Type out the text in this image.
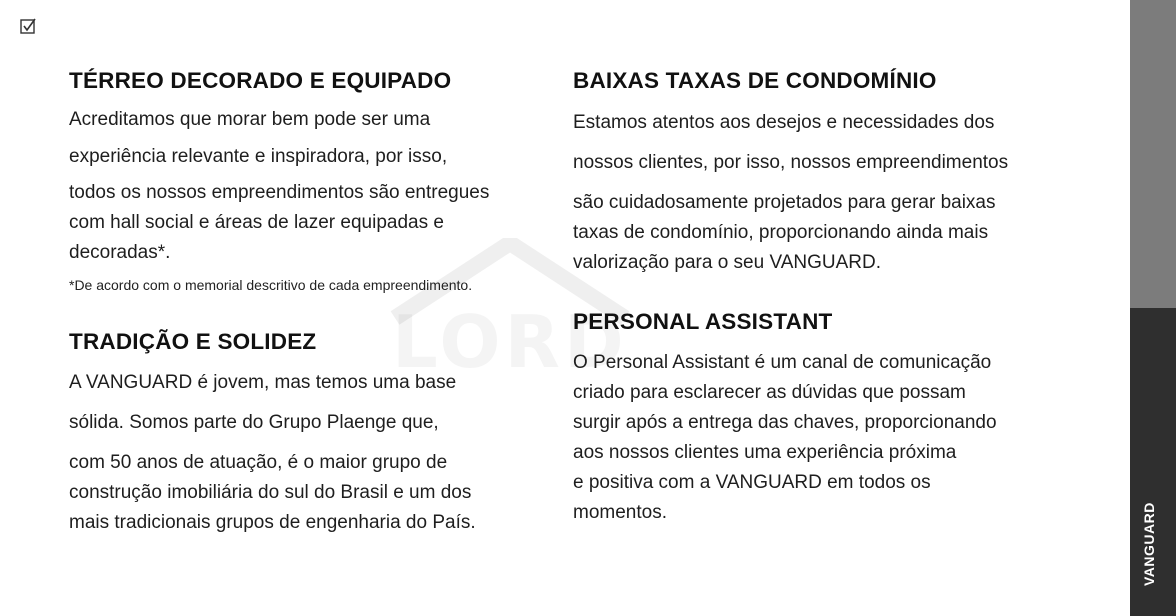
TÉRREO DECORADO E EQUIPADO

Acreditamos que morar bem pode ser uma

experiência relevante e inspiradora, por isso,

todos os nossos empreendimentos são entregues

com hall social e áreas de lazer equipadas e

decoradas*.

*De acordo com o memorial descritivo de cada empreendimento.

TRADIÇÃO E SOLIDEZ

A VANGUARD é jovem, mas temos uma base

sólida. Somos parte do Grupo Plaenge que,

com 50 anos de atuação, é o maior grupo de

construção imobiliária do sul do Brasil e um dos

mais tradicionais grupos de engenharia do País.

BAIXAS TAXAS DE CONDOMÍNIO

Estamos atentos aos desejos e necessidades dos

nossos clientes, por isso, nossos empreendimentos

são cuidadosamente projetados para gerar baixas

taxas de condomínio, proporcionando ainda mais

valorização para o seu VANGUARD.

PERSONAL ASSISTANT

O Personal Assistant é um canal de comunicação

criado para esclarecer as dúvidas que possam

surgir após a entrega das chaves, proporcionando

aos nossos clientes uma experiência próxima

e positiva com a VANGUARD em todos os

momentos.	VANGUARD
